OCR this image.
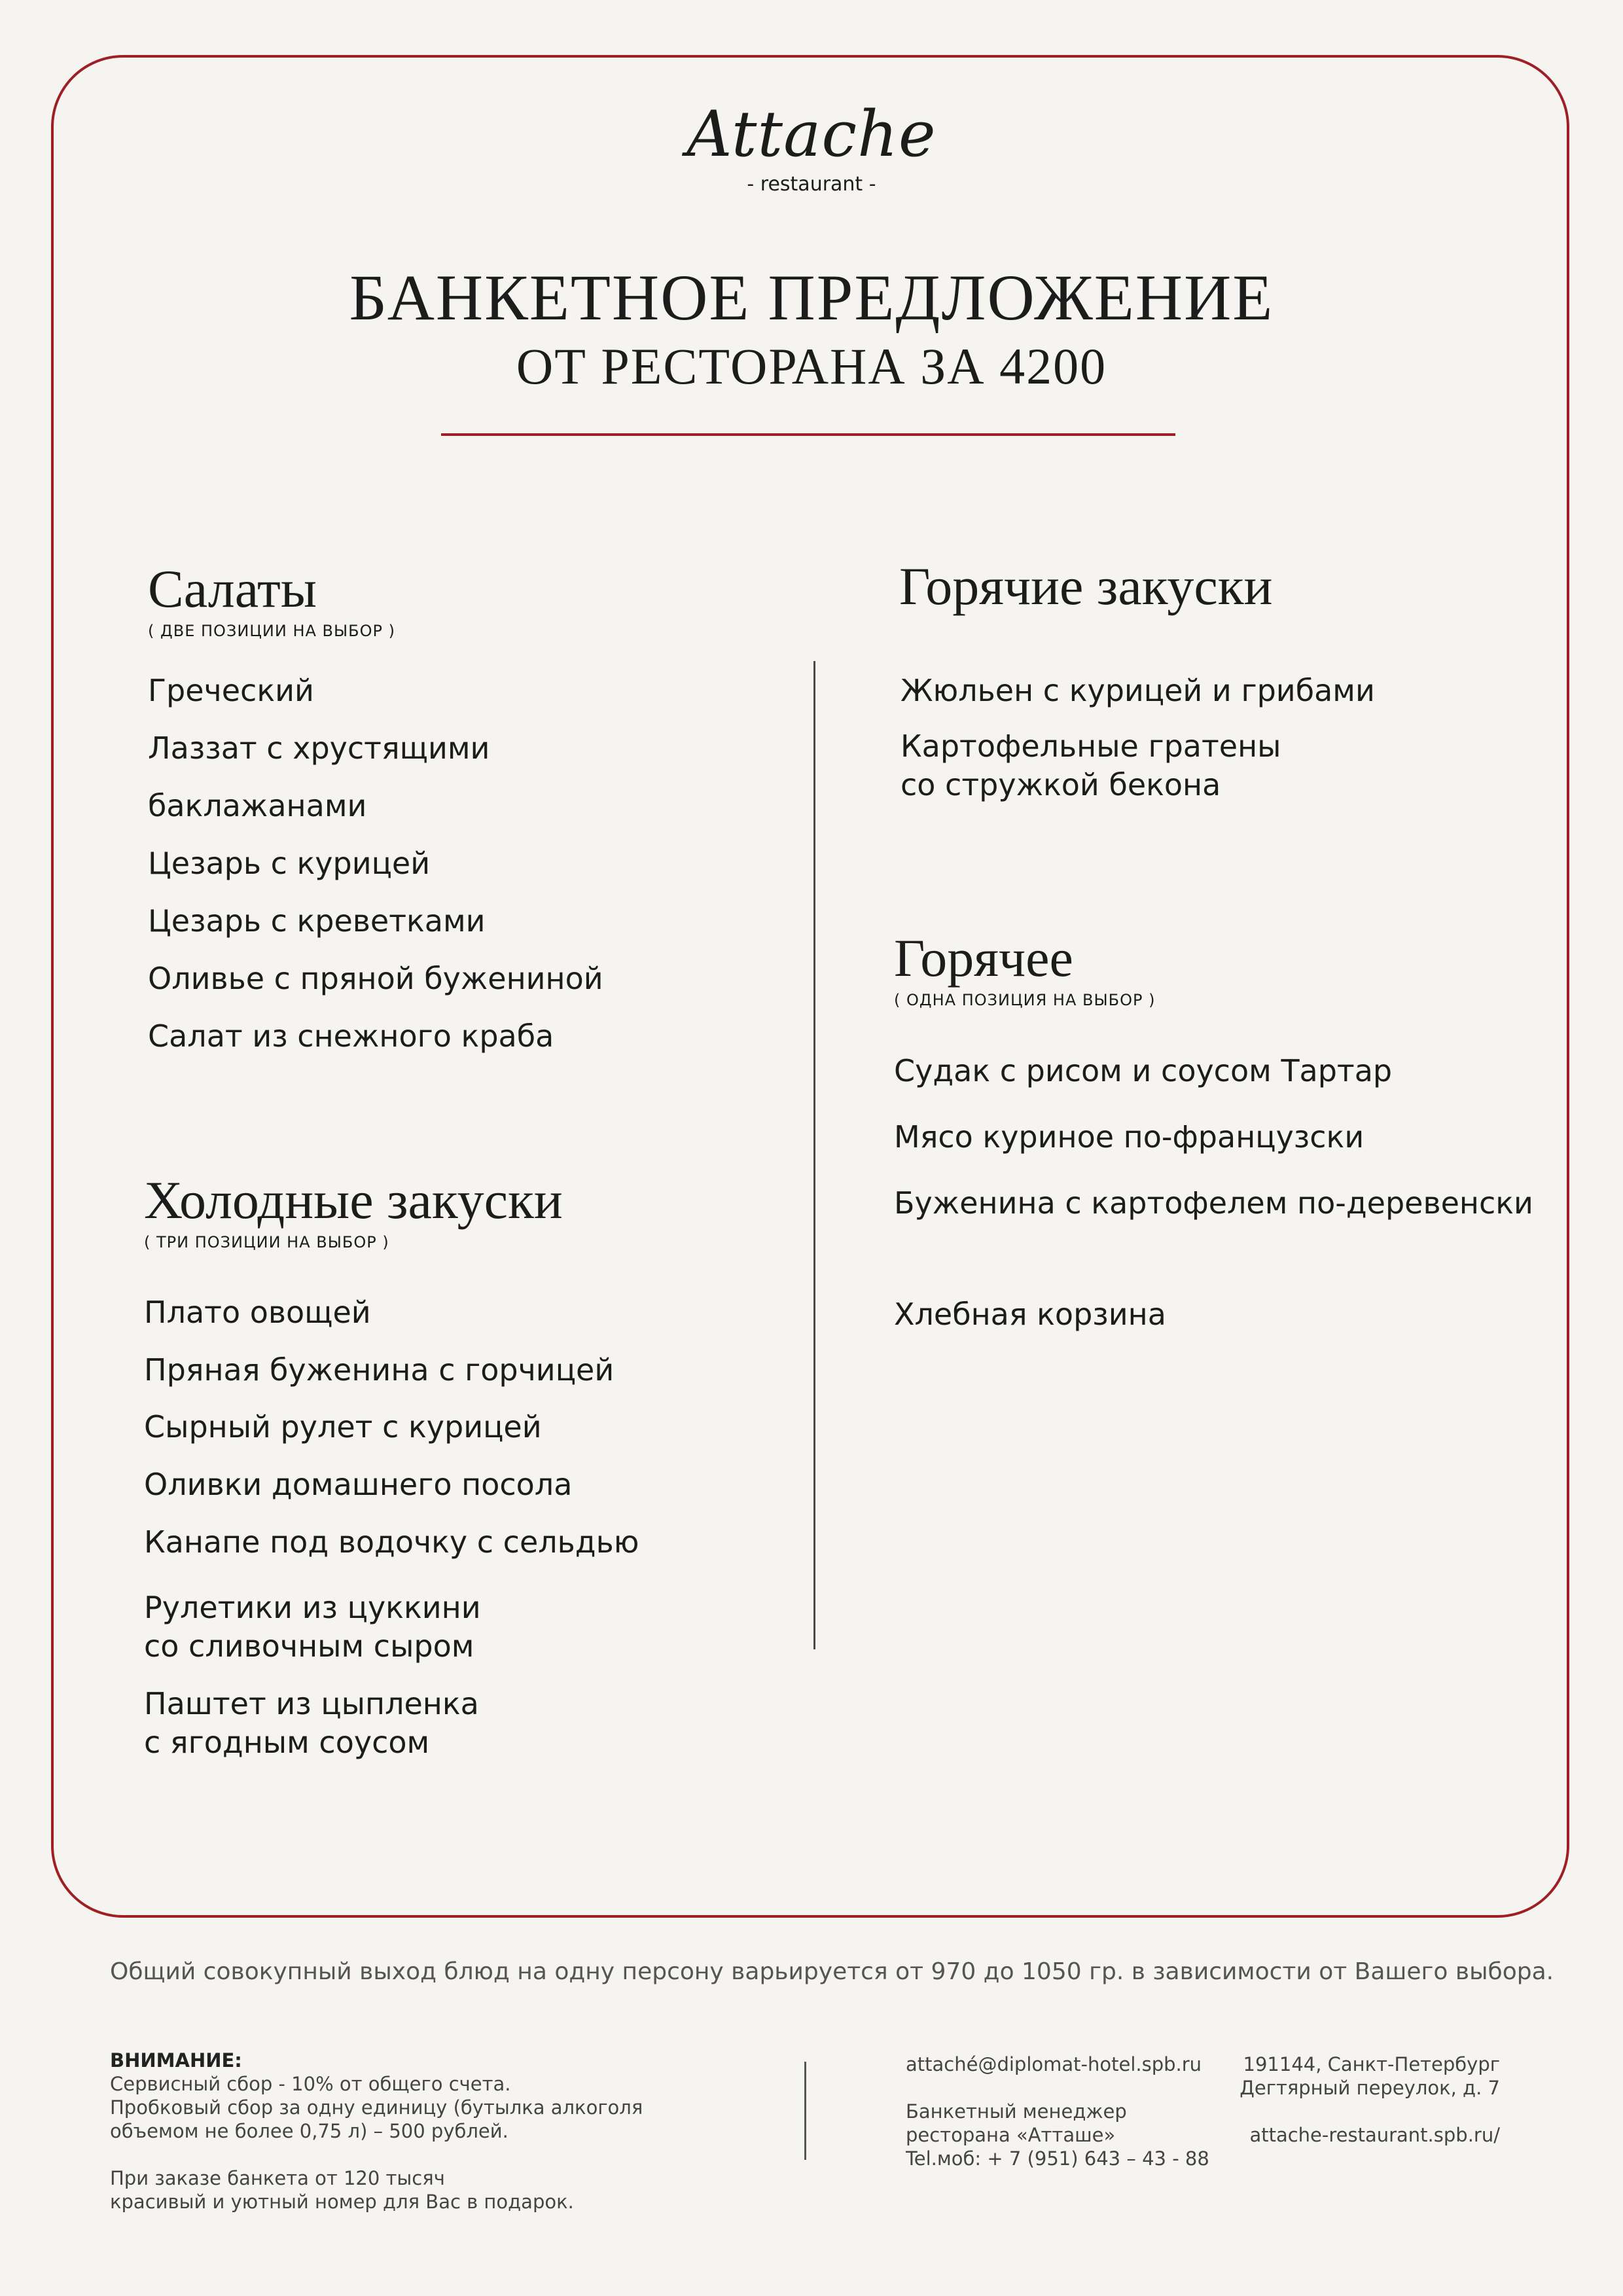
Attache
- restaurant -
БАНКЕТНОЕ ПРЕДЛОЖЕНИЕ
ОТ РЕСТОРАНА ЗА 4200
Салаты
( ДВЕ ПОЗИЦИИ НА ВЫБОР )
Греческий
Лаззат с хрустящими
баклажанами
Цезарь с курицей
Цезарь с креветками
Оливье с пряной бужениной
Салат из снежного краба
Холодные закуски
( ТРИ ПОЗИЦИИ НА ВЫБОР )
Плато овощей
Пряная буженина с горчицей
Сырный рулет с курицей
Оливки домашнего посола
Канапе под водочку с сельдью
Рулетики из цуккини
со сливочным сыром
Паштет из цыпленка
с ягодным соусом
Горячие закуски
Жюльен с курицей и грибами
Картофельные гратены
со стружкой бекона
Горячее
( ОДНА ПОЗИЦИЯ НА ВЫБОР )
Судак с рисом и соусом Тартар
Мясо куриное по-французски
Буженина с картофелем по-деревенски
Хлебная корзина
Общий совокупный выход блюд на одну персону варьируется от 970 до 1050 гр. в зависимости от Вашего выбора.
ВНИМАНИЕ:
Сервисный сбор - 10% от общего счета.
Пробковый сбор за одну единицу (бутылка алкоголя
объемом не более 0,75 л) – 500 рублей.
При заказе банкета от 120 тысяч
красивый и уютный номер для Вас в подарок.
attaché@diplomat-hotel.spb.ru
Банкетный менеджер
ресторана «Атташе»
Tel.моб: + 7 (951) 643 – 43 - 88
191144, Санкт-Петербург
Дегтярный переулок, д. 7
attache-restaurant.spb.ru/
